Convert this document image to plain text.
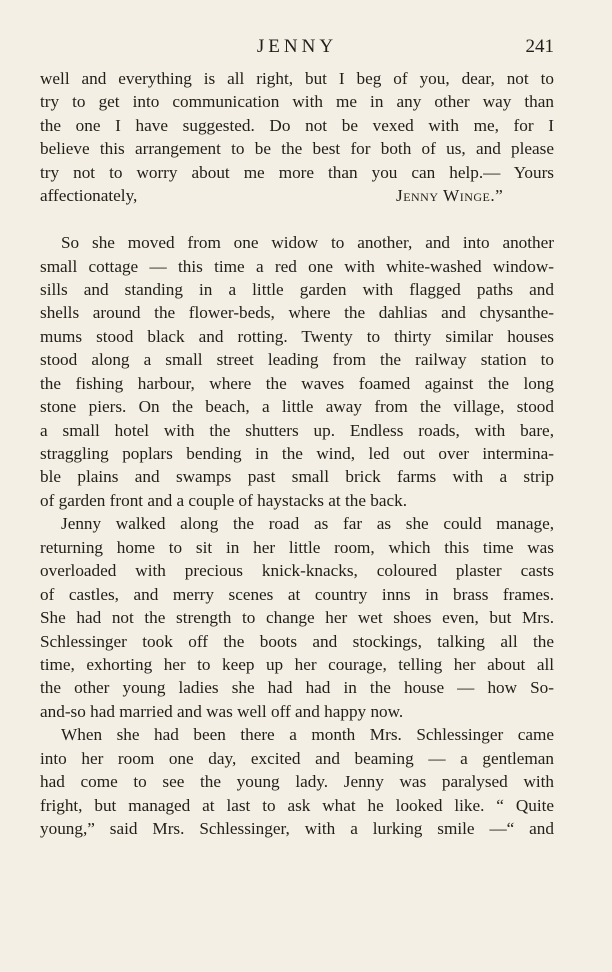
JENNY	241
well and everything is all right, but I beg of you, dear, not to
try to get into communication with me in any other way than
the one I have suggested. Do not be vexed with me, for I
believe this arrangement to be the best for both of us, and please
try not to worry about me more than you can help.— Yours
affectionately,	Jenny Winge.”
So she moved from one widow to another, and into another
small cottage — this time a red one with white-washed window-
sills and standing in a little garden with flagged paths and
shells around the flower-beds, where the dahlias and chysanthe-
mums stood black and rotting. Twenty to thirty similar houses
stood along a small street leading from the railway station to
the fishing harbour, where the waves foamed against the long
stone piers. On the beach, a little away from the village, stood
a small hotel with the shutters up. Endless roads, with bare,
straggling poplars bending in the wind, led out over intermina-
ble plains and swamps past small brick farms with a strip
of garden front and a couple of haystacks at the back.
Jenny walked along the road as far as she could manage,
returning home to sit in her little room, which this time was
overloaded with precious knick-knacks, coloured plaster casts
of castles, and merry scenes at country inns in brass frames.
She had not the strength to change her wet shoes even, but Mrs.
Schlessinger took off the boots and stockings, talking all the
time, exhorting her to keep up her courage, telling her about all
the other young ladies she had had in the house — how So-
and-so had married and was well off and happy now.
When she had been there a month Mrs. Schlessinger came
into her room one day, excited and beaming — a gentleman
had come to see the young lady. Jenny was paralysed with
fright, but managed at last to ask what he looked like. “ Quite
young,” said Mrs. Schlessinger, with a lurking smile —“ and
